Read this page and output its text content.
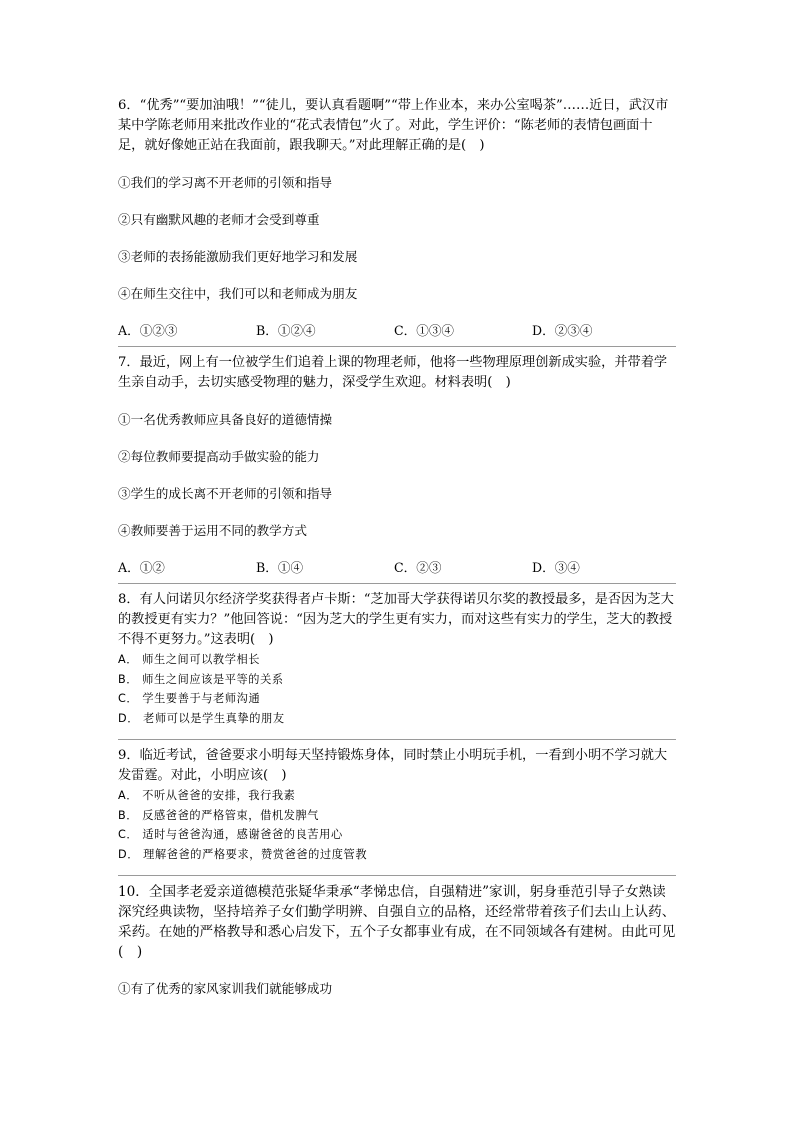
6．“优秀”“要加油哦！”“徒儿，要认真看题啊”“带上作业本，来办公室喝茶”……近日，武汉市某中学陈老师用来批改作业的“花式表情包”火了。对此，学生评价：“陈老师的表情包画面十足，就好像她正站在我面前，跟我聊天。”对此理解正确的是(　)

①我们的学习离不开老师的引领和指导

②只有幽默风趣的老师才会受到尊重

③老师的表扬能激励我们更好地学习和发展

④在师生交往中，我们可以和老师成为朋友

A．①②③	B．①②④	C．①③④	D．②③④

7．最近，网上有一位被学生们追着上课的物理老师，他将一些物理原理创新成实验，并带着学生亲自动手，去切实感受物理的魅力，深受学生欢迎。材料表明(　)

①一名优秀教师应具备良好的道德情操

②每位教师要提高动手做实验的能力

③学生的成长离不开老师的引领和指导

④教师要善于运用不同的教学方式

A．①②	B．①④	C．②③	D．③④

8．有人问诺贝尔经济学奖获得者卢卡斯：“芝加哥大学获得诺贝尔奖的教授最多，是否因为芝大的教授更有实力？”他回答说：“因为芝大的学生更有实力，而对这些有实力的学生，芝大的教授不得不更努力。”这表明(　)

A． 师生之间可以教学相长

B． 师生之间应该是平等的关系

C． 学生要善于与老师沟通

D． 老师可以是学生真挚的朋友

9．临近考试，爸爸要求小明每天坚持锻炼身体，同时禁止小明玩手机，一看到小明不学习就大发雷霆。对此，小明应该(　)

A． 不听从爸爸的安排，我行我素

B． 反感爸爸的严格管束，借机发脾气

C． 适时与爸爸沟通，感谢爸爸的良苦用心

D． 理解爸爸的严格要求，赞赏爸爸的过度管教

10．全国孝老爱亲道德模范张疑华秉承“孝悌忠信，自强精进”家训，躬身垂范引导子女熟读深究经典读物，坚持培养子女们勤学明辨、自强自立的品格，还经常带着孩子们去山上认药、采药。在她的严格教导和悉心启发下，五个子女都事业有成，在不同领域各有建树。由此可见(　)

①有了优秀的家风家训我们就能够成功
